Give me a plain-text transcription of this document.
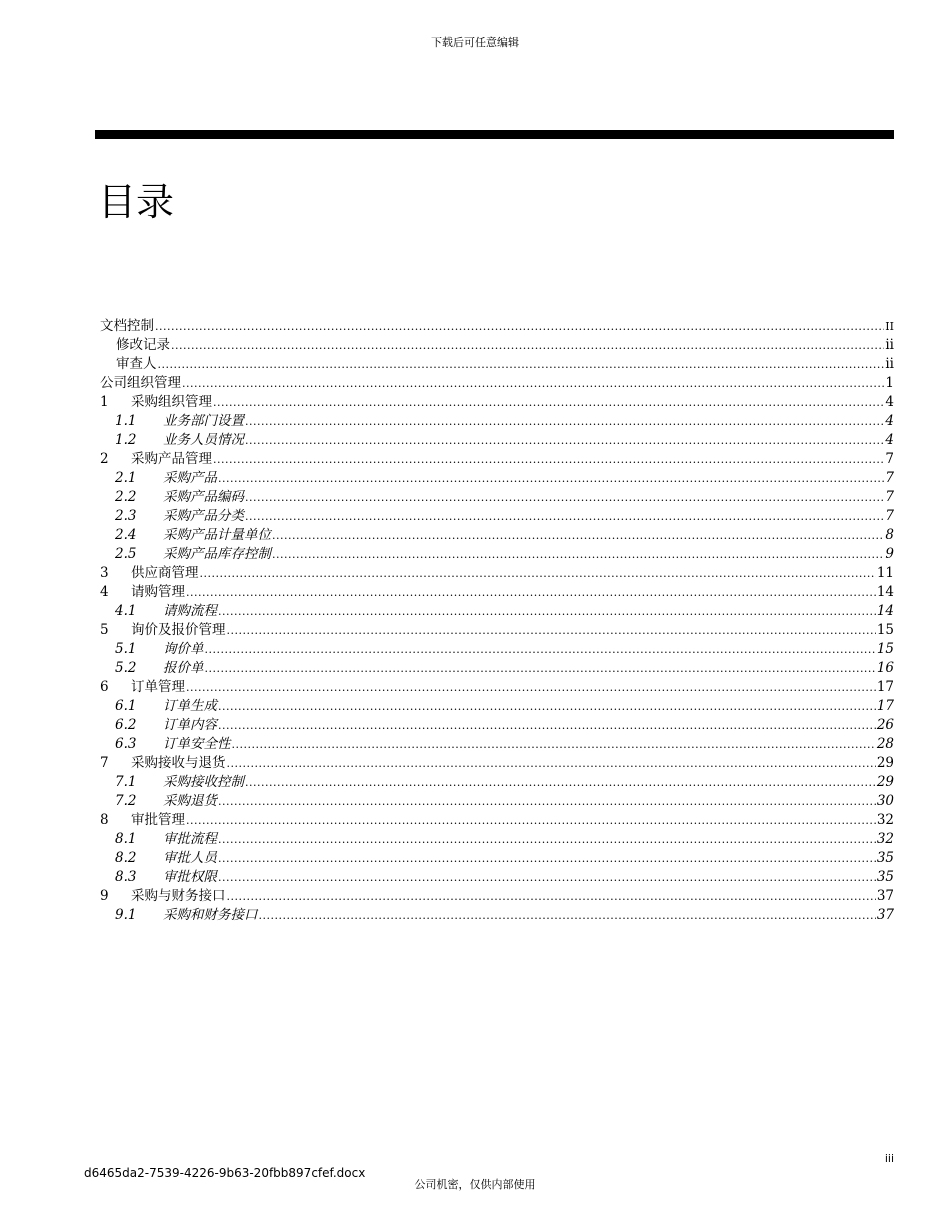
下载后可任意编辑
目录
文档控制 .....	II
修改记录 .....	ii
审查人 .....	ii
公司组织管理 .....	1
1	采购组织管理 .....	4
1.1	业务部门设置 .....	4
1.2	业务人员情况 .....	4
2	采购产品管理 .....	7
2.1	采购产品 .....	7
2.2	采购产品编码 .....	7
2.3	采购产品分类 .....	7
2.4	采购产品计量单位 .....	8
2.5	采购产品库存控制 .....	9
3	供应商管理 .....	11
4	请购管理 .....	14
4.1	请购流程 .....	14
5	询价及报价管理 .....	15
5.1	询价单 .....	15
5.2	报价单 .....	16
6	订单管理 .....	17
6.1	订单生成 .....	17
6.2	订单内容 .....	26
6.3	订单安全性 .....	28
7	采购接收与退货 .....	29
7.1	采购接收控制 .....	29
7.2	采购退货 .....	30
8	审批管理 .....	32
8.1	审批流程 .....	32
8.2	审批人员 .....	35
8.3	审批权限 .....	35
9	采购与财务接口 .....	37
9.1	采购和财务接口 .....	37
iii
d6465da2-7539-4226-9b63-20fbb897cfef.docx
公司机密，仅供内部使用
